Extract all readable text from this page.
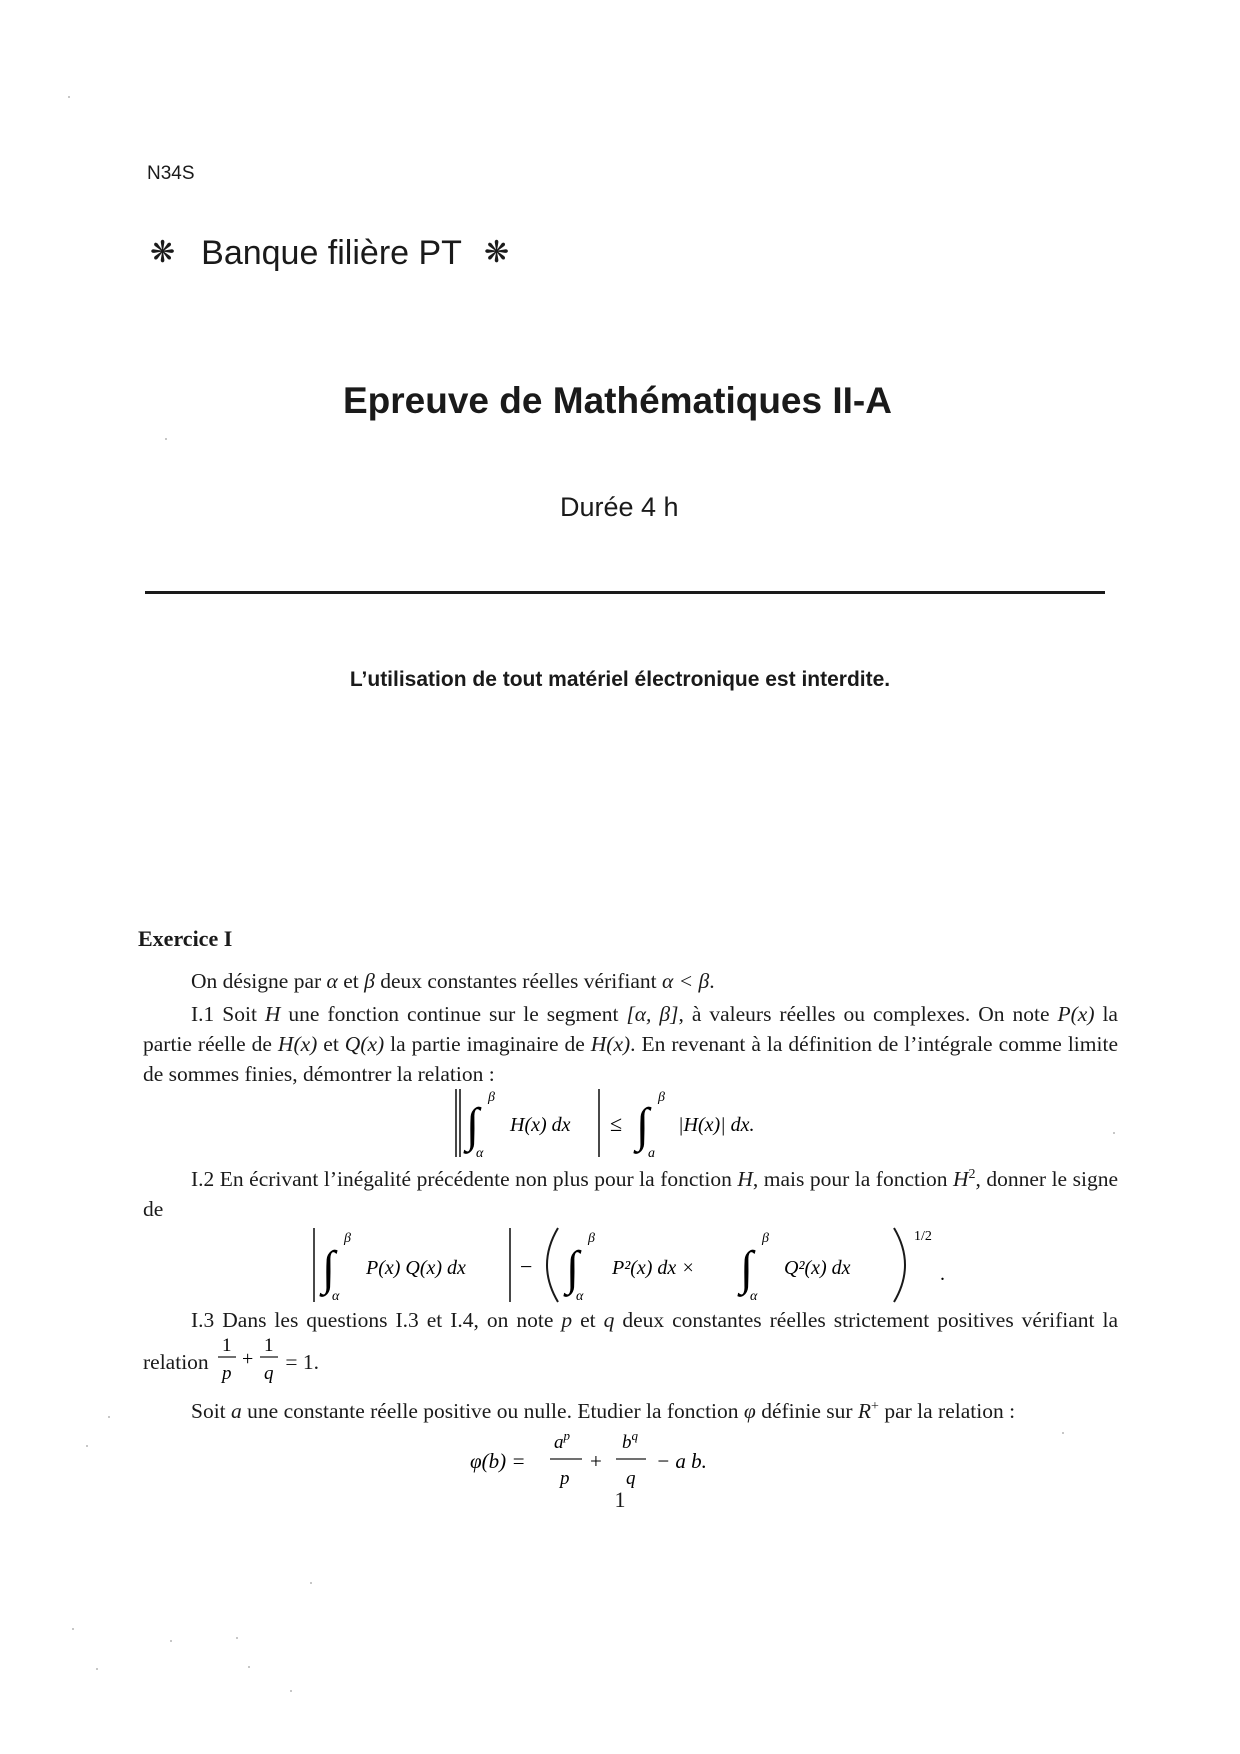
N34S
❋ Banque filière PT ❋
Epreuve de Mathématiques II-A
Durée 4 h
L’utilisation de tout matériel électronique est interdite.
Exercice I
On désigne par α et β deux constantes réelles vérifiant α < β.
I.1 Soit H une fonction continue sur le segment [α, β], à valeurs réelles ou complexes. On note P(x) la partie réelle de H(x) et Q(x) la partie imaginaire de H(x). En revenant à la définition de l’intégrale comme limite de sommes finies, démontrer la relation :
∫
β
α
H(x) dx ≤ ∫
β
a
|H(x)| dx.
I.2 En écrivant l’inégalité précédente non plus pour la fonction H, mais pour la fonction $H^2$, donner le signe de
∫
β
α
P(x) Q(x) dx − ∫
β
α
P²(x) dx × ∫
β
α
Q²(x) dx
1/2
.
I.3 Dans les questions I.3 et I.4, on note p et q deux constantes réelles strictement positives vérifiant la relation
1
p
+
1
q = 1.
Soit a une constante réelle positive ou nulle. Etudier la fonction φ définie sur R+ par la relation :
φ(b) =
$a^p$
p
+
$b^q$
q
− a b.
1
